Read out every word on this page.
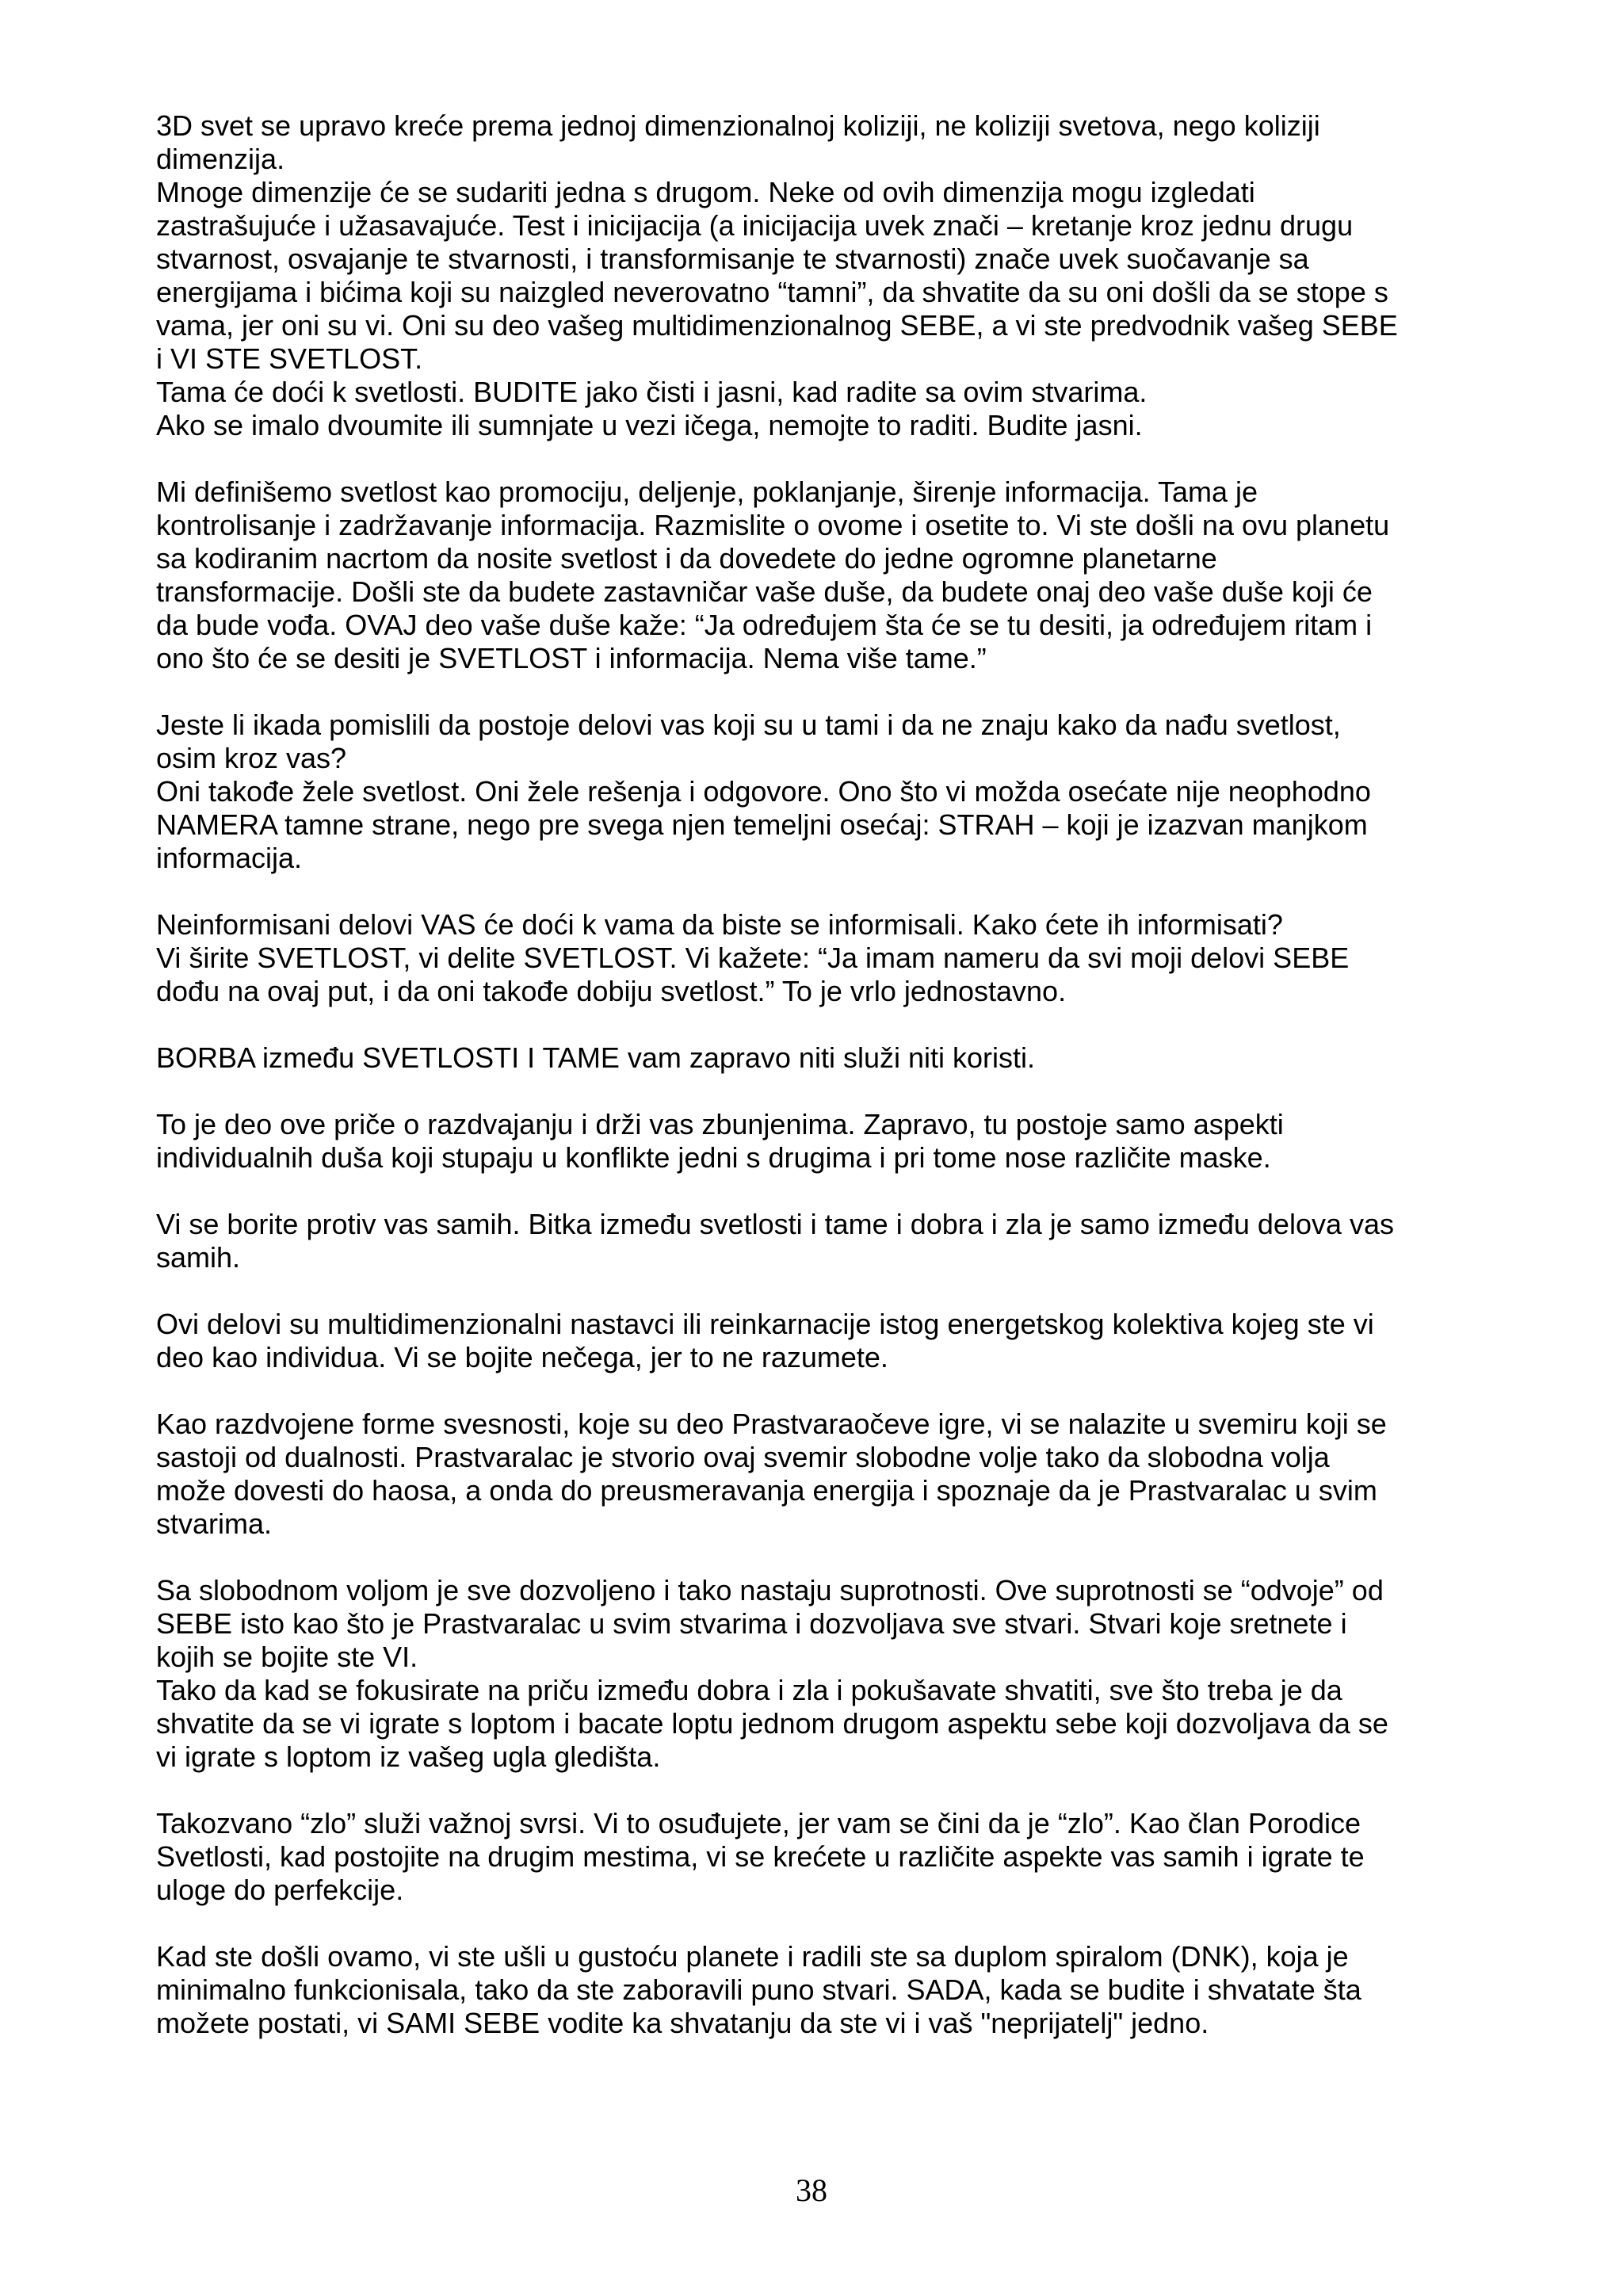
3D svet se upravo kreće prema jednoj dimenzionalnoj koliziji, ne koliziji svetova, nego koliziji
dimenzija.
Mnoge dimenzije će se sudariti jedna s drugom. Neke od ovih dimenzija mogu izgledati
zastrašujuće i užasavajuće. Test i inicijacija (a inicijacija uvek znači – kretanje kroz jednu drugu
stvarnost, osvajanje te stvarnosti, i transformisanje te stvarnosti) znače uvek suočavanje sa
energijama i bićima koji su naizgled neverovatno “tamni”, da shvatite da su oni došli da se stope s
vama, jer oni su vi. Oni su deo vašeg multidimenzionalnog SEBE, a vi ste predvodnik vašeg SEBE
i VI STE SVETLOST.
Tama će doći k svetlosti. BUDITE jako čisti i jasni, kad radite sa ovim stvarima.
Ako se imalo dvoumite ili sumnjate u vezi ičega, nemojte to raditi. Budite jasni.
Mi definišemo svetlost kao promociju, deljenje, poklanjanje, širenje informacija. Tama je
kontrolisanje i zadržavanje informacija. Razmislite o ovome i osetite to. Vi ste došli na ovu planetu
sa kodiranim nacrtom da nosite svetlost i da dovedete do jedne ogromne planetarne
transformacije. Došli ste da budete zastavničar vaše duše, da budete onaj deo vaše duše koji će
da bude vođa. OVAJ deo vaše duše kaže: “Ja određujem šta će se tu desiti, ja određujem ritam i
ono što će se desiti je SVETLOST i informacija. Nema više tame.”
Jeste li ikada pomislili da postoje delovi vas koji su u tami i da ne znaju kako da nađu svetlost,
osim kroz vas?
Oni takođe žele svetlost. Oni žele rešenja i odgovore. Ono što vi možda osećate nije neophodno
NAMERA tamne strane, nego pre svega njen temeljni osećaj: STRAH – koji je izazvan manjkom
informacija.
Neinformisani delovi VAS će doći k vama da biste se informisali. Kako ćete ih informisati?
Vi širite SVETLOST, vi delite SVETLOST. Vi kažete: “Ja imam nameru da svi moji delovi SEBE
dođu na ovaj put, i da oni takođe dobiju svetlost.” To je vrlo jednostavno.
BORBA između SVETLOSTI I TAME vam zapravo niti služi niti koristi.
To je deo ove priče o razdvajanju i drži vas zbunjenima. Zapravo, tu postoje samo aspekti
individualnih duša koji stupaju u konflikte jedni s drugima i pri tome nose različite maske.
Vi se borite protiv vas samih. Bitka između svetlosti i tame i dobra i zla je samo između delova vas
samih.
Ovi delovi su multidimenzionalni nastavci ili reinkarnacije istog energetskog kolektiva kojeg ste vi
deo kao individua. Vi se bojite nečega, jer to ne razumete.
Kao razdvojene forme svesnosti, koje su deo Prastvaraočeve igre, vi se nalazite u svemiru koji se
sastoji od dualnosti. Prastvaralac je stvorio ovaj svemir slobodne volje tako da slobodna volja
može dovesti do haosa, a onda do preusmeravanja energija i spoznaje da je Prastvaralac u svim
stvarima.
Sa slobodnom voljom je sve dozvoljeno i tako nastaju suprotnosti. Ove suprotnosti se “odvoje” od
SEBE isto kao što je Prastvaralac u svim stvarima i dozvoljava sve stvari. Stvari koje sretnete i
kojih se bojite ste VI.
Tako da kad se fokusirate na priču između dobra i zla i pokušavate shvatiti, sve što treba je da
shvatite da se vi igrate s loptom i bacate loptu jednom drugom aspektu sebe koji dozvoljava da se
vi igrate s loptom iz vašeg ugla gledišta.
Takozvano “zlo” služi važnoj svrsi. Vi to osuđujete, jer vam se čini da je “zlo”. Kao član Porodice
Svetlosti, kad postojite na drugim mestima, vi se krećete u različite aspekte vas samih i igrate te
uloge do perfekcije.
Kad ste došli ovamo, vi ste ušli u gustoću planete i radili ste sa duplom spiralom (DNK), koja je
minimalno funkcionisala, tako da ste zaboravili puno stvari. SADA, kada se budite i shvatate šta
možete postati, vi SAMI SEBE vodite ka shvatanju da ste vi i vaš "neprijatelj" jedno.
38
